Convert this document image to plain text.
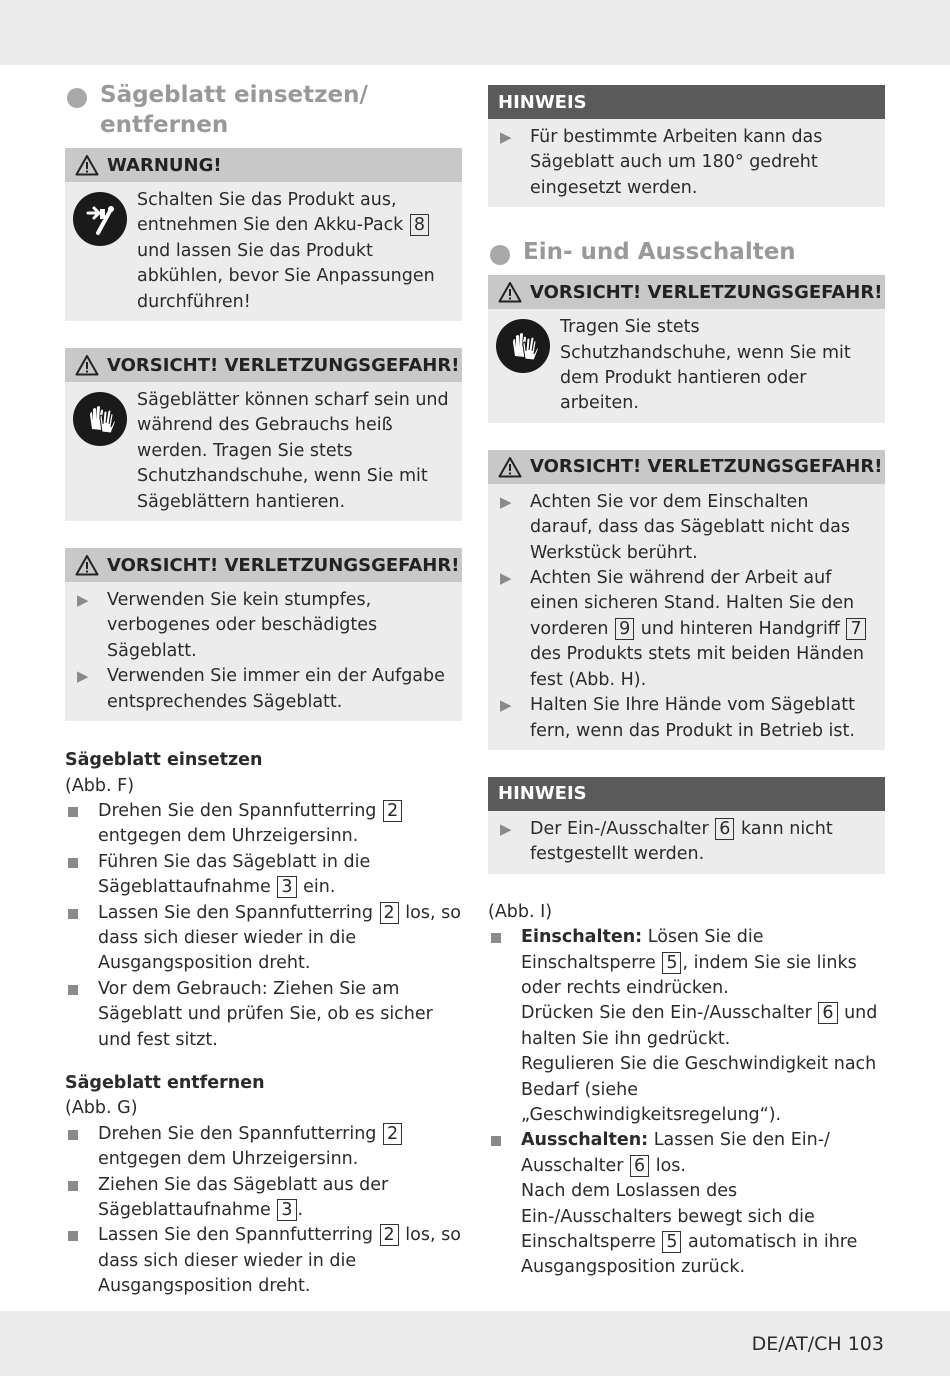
Sägeblatt einsetzen/ entfernen
WARNUNG!
Schalten Sie das Produkt aus, entnehmen Sie den Akku-Pack 8 und lassen Sie das Produkt abkühlen, bevor Sie Anpassungen durchführen!
VORSICHT! VERLETZUNGSGEFAHR!
Sägeblätter können scharf sein und während des Gebrauchs heiß werden. Tragen Sie stets Schutzhandschuhe, wenn Sie mit Sägeblättern hantieren.
VORSICHT! VERLETZUNGSGEFAHR!
▶	Verwenden Sie kein stumpfes, verbogenes oder beschädigtes Sägeblatt.
▶	Verwenden Sie immer ein der Aufgabe entsprechendes Sägeblatt.
Sägeblatt einsetzen
(Abb. F)
Drehen Sie den Spannfutterring 2 entgegen dem Uhrzeigersinn.
Führen Sie das Sägeblatt in die Sägeblattaufnahme 3 ein.
Lassen Sie den Spannfutterring 2 los, so dass sich dieser wieder in die Ausgangsposition dreht.
Vor dem Gebrauch: Ziehen Sie am Sägeblatt und prüfen Sie, ob es sicher und fest sitzt.
Sägeblatt entfernen
(Abb. G)
Drehen Sie den Spannfutterring 2 entgegen dem Uhrzeigersinn.
Ziehen Sie das Sägeblatt aus der Sägeblattaufnahme 3 .
Lassen Sie den Spannfutterring 2 los, so dass sich dieser wieder in die Ausgangsposition dreht.
HINWEIS
▶	Für bestimmte Arbeiten kann das Sägeblatt auch um 180° gedreht eingesetzt werden.
Ein- und Ausschalten
VORSICHT! VERLETZUNGSGEFAHR!
Tragen Sie stets Schutzhandschuhe, wenn Sie mit dem Produkt hantieren oder arbeiten.
VORSICHT! VERLETZUNGSGEFAHR!
▶	Achten Sie vor dem Einschalten darauf, dass das Sägeblatt nicht das Werkstück berührt.
▶	Achten Sie während der Arbeit auf einen sicheren Stand. Halten Sie den vorderen 9 und hinteren Handgriff 7 des Produkts stets mit beiden Händen fest (Abb. H).
▶	Halten Sie Ihre Hände vom Sägeblatt fern, wenn das Produkt in Betrieb ist.
HINWEIS
▶	Der Ein-/Ausschalter 6 kann nicht festgestellt werden.
(Abb. I)
Einschalten: Lösen Sie die Einschaltsperre 5 , indem Sie sie links oder rechts eindrücken.
Drücken Sie den Ein-/Ausschalter 6 und halten Sie ihn gedrückt.
Regulieren Sie die Geschwindigkeit nach Bedarf (siehe „Geschwindigkeitsregelung“).
Ausschalten: Lassen Sie den Ein-/ Ausschalter 6 los.
Nach dem Loslassen des Ein-/Ausschalters bewegt sich die Einschaltsperre 5 automatisch in ihre Ausgangsposition zurück.
DE/AT/CH 103
